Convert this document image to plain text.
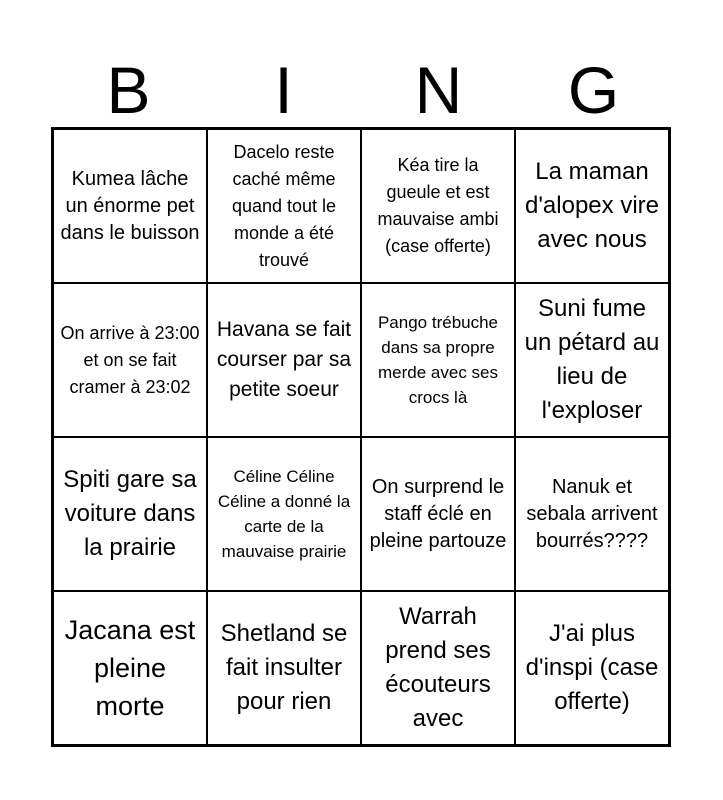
B	I	N	G
Kumea lâche un énorme pet dans le buisson
Dacelo reste caché même quand tout le monde a été trouvé
Kéa tire la gueule et est mauvaise ambi (case offerte)
La maman d'alopex vire avec nous
On arrive à 23:00 et on se fait cramer à 23:02
Havana se fait courser par sa petite soeur
Pango trébuche dans sa propre merde avec ses crocs là
Suni fume un pétard au lieu de l'exploser
Spiti gare sa voiture dans la prairie
Céline Céline Céline a donné la carte de la mauvaise prairie
On surprend le staff éclé en pleine partouze
Nanuk et sebala arrivent bourrés????
Jacana est pleine morte
Shetland se fait insulter pour rien
Warrah prend ses écouteurs avec
J'ai plus d'inspi (case offerte)
